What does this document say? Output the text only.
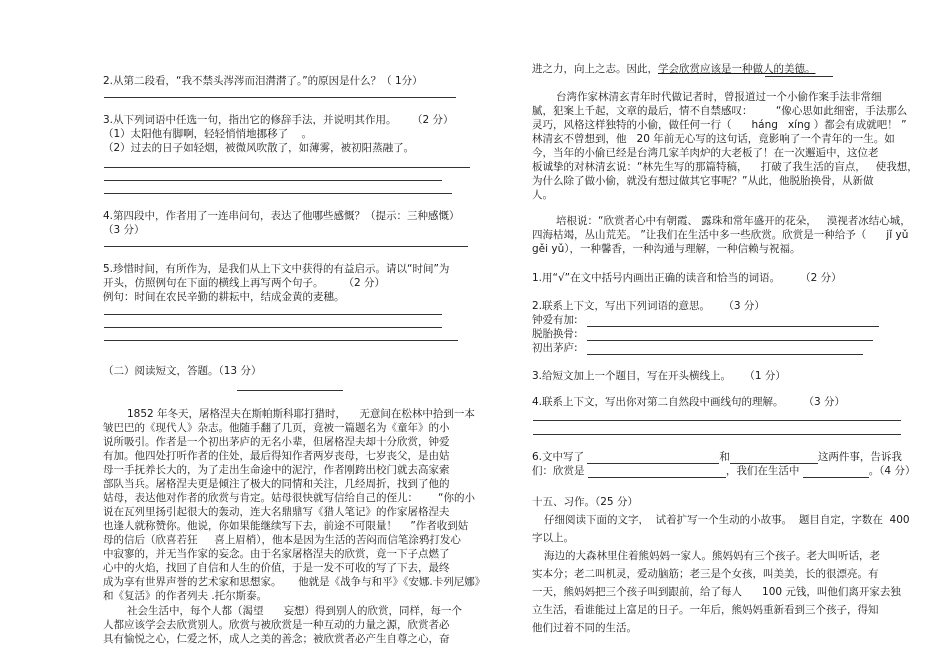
2.从第二段看，“我不禁头涔涔而泪潸潸了。”的原因是什么？（ 1分）
3.从下列词语中任选一句，指出它的修辞手法，并说明其作用。 （2 分）
（1）太阳他有脚啊，轻轻悄悄地挪移了    。
（2）过去的日子如轻烟，被微风吹散了，如薄雾，被初阳蒸融了。
4.第四段中，作者用了一连串问句，表达了他哪些感慨？（提示：三种感慨）
（3 分）
5.珍惜时间，有所作为，是我们从上下文中获得的有益启示。请以“时间”为
开头，仿照例句在下面的横线上再写两个句子。      （2 分）
例句：时间在农民辛勤的耕耘中，结成金黄的麦穗。
（二）阅读短文，答题。（13 分）
1852 年冬天，屠格涅夫在斯帕斯科耶打猎时，    无意间在松林中拾到一本
皱巴巴的《现代人》杂志。他随手翻了几页，竟被一篇题名为《童年》的小
说所吸引。作者是一个初出茅庐的无名小辈，但屠格涅夫却十分欣赏，钟爱
有加。他四处打听作者的住处，最后得知作者两岁丧母，七岁丧父，是由姑
母一手抚养长大的，为了走出生命途中的泥泞，作者刚跨出校门就去高家索
部队当兵。屠格涅夫更是倾注了极大的同情和关注，几经周折，找到了他的
姑母，表达他对作者的欣赏与肯定。姑母很快就写信给自己的侄儿：      “你的小
说在瓦列里扬引起很大的轰动，连大名鼎鼎写《猎人笔记》的作家屠格涅夫
也逢人就称赞你。他说，你如果能继续写下去，前途不可限量！    ”作者收到姑
母的信后（欣喜若狂     喜上眉梢），他本是因为生活的苦闷而信笔涂鸦打发心
中寂寥的，并无当作家的妄念。由于名家屠格涅夫的欣赏，竟一下子点燃了
心中的火焰，找回了自信和人生的价值，于是一发不可收的写了下去，最终
成为享有世界声誉的艺术家和思想家。     他就是《战争与和平》《安娜.卡列尼娜》
和《复活》的作者列夫 .托尔斯泰。
社会生活中，每个人都（渴望      妄想）得到别人的欣赏，同样，每一个
人都应该学会去欣赏别人。欣赏与被欣赏是一种互动的力量之源，欣赏者必
具有愉悦之心，仁爱之怀，成人之美的善念；被欣赏者必产生自尊之心，奋
进之力，向上之志。因此，学会欣赏应该是一种做人的美德。
台湾作家林清玄青年时代做记者时，曾报道过一个小偷作案手法非常细
腻，犯案上千起，文章的最后，情不自禁感叹：       “像心思如此细密，手法那么
灵巧，风格这样独特的小偷，做任何一行（      háng   xíng ）都会有成就吧！ ”
林清玄不曾想到，他   20 年前无心写的这句话，竟影响了一个青年的一生。如
今，当年的小偷已经是台湾几家羊肉炉的大老板了！在一次邂逅中，这位老
板诚挚的对林清玄说：“林先生写的那篇特稿，    打破了我生活的盲点，   使我想，
为什么除了做小偷，就没有想过做其它事呢？”从此，他脱胎换骨，从新做
人。
培根说：“欣赏者心中有朝霞、 露珠和常年盛开的花朵，   漠视者冰结心城，
四海枯竭，丛山荒芜。 ”让我们在生活中多一些欣赏。欣赏是一种给予（      jǐ yǔ
gěi yǔ），一种馨香，一种沟通与理解，一种信赖与祝福。
1.用“√”在文中括号内画出正确的读音和恰当的词语。      （2 分）
2.联系上下文，写出下列词语的意思。    （3 分）
钟爱有加:
脱胎换骨:
初出茅庐:
3.给短文加上一个题目，写在开头横线上。    （1 分）
4.联系上下文，写出你对第二自然段中画线句的理解。      （3 分）
6.文中写了	和	这两件事，告诉我
们：欣赏是	，我们在生活中	。（4 分）
十五、习作。（25 分）
仔细阅读下面的文字，  试着扩写一个生动的小故事。  题目自定，字数在  400
字以上。
海边的大森林里住着熊妈妈一家人。熊妈妈有三个孩子。老大叫听话，老
实本分；老二叫机灵，爱动脑筋；老三是个女孩，叫美美，长的很漂亮。有
一天，熊妈妈把三个孩子叫到跟前，给了每人      100 元钱，叫他们离开家去独
立生活，看谁能过上富足的日子。一年后，熊妈妈重新看到三个孩子，得知
他们过着不同的生活。
